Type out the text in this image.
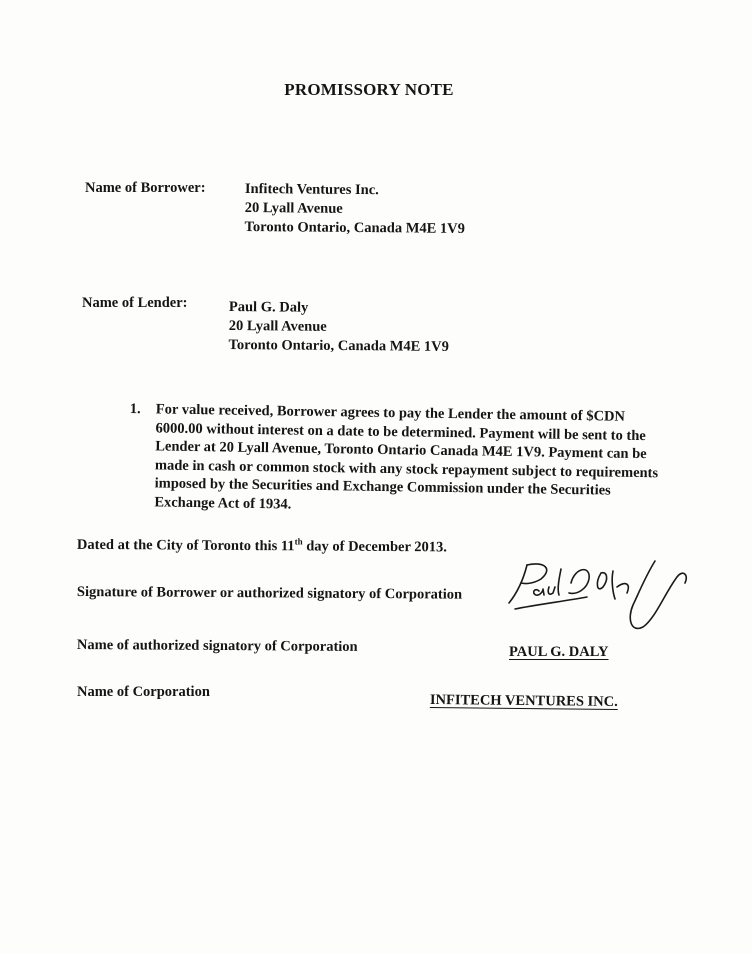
PROMISSORY NOTE
Name of Borrower:	Infitech Ventures Inc.
20 Lyall Avenue
Toronto Ontario, Canada M4E 1V9
Name of Lender:	Paul G. Daly
20 Lyall Avenue
Toronto Ontario, Canada M4E 1V9
1. For value received, Borrower agrees to pay the Lender the amount of $CDN 6000.00 without interest on a date to be determined. Payment will be sent to the Lender at 20 Lyall Avenue, Toronto Ontario Canada M4E 1V9. Payment can be made in cash or common stock with any stock repayment subject to requirements imposed by the Securities and Exchange Commission under the Securities Exchange Act of 1934.
Dated at the City of Toronto this 11th day of December 2013.
Signature of Borrower or authorized signatory of Corporation
Name of authorized signatory of Corporation	PAUL G. DALY
Name of Corporation	INFITECH VENTURES INC.
